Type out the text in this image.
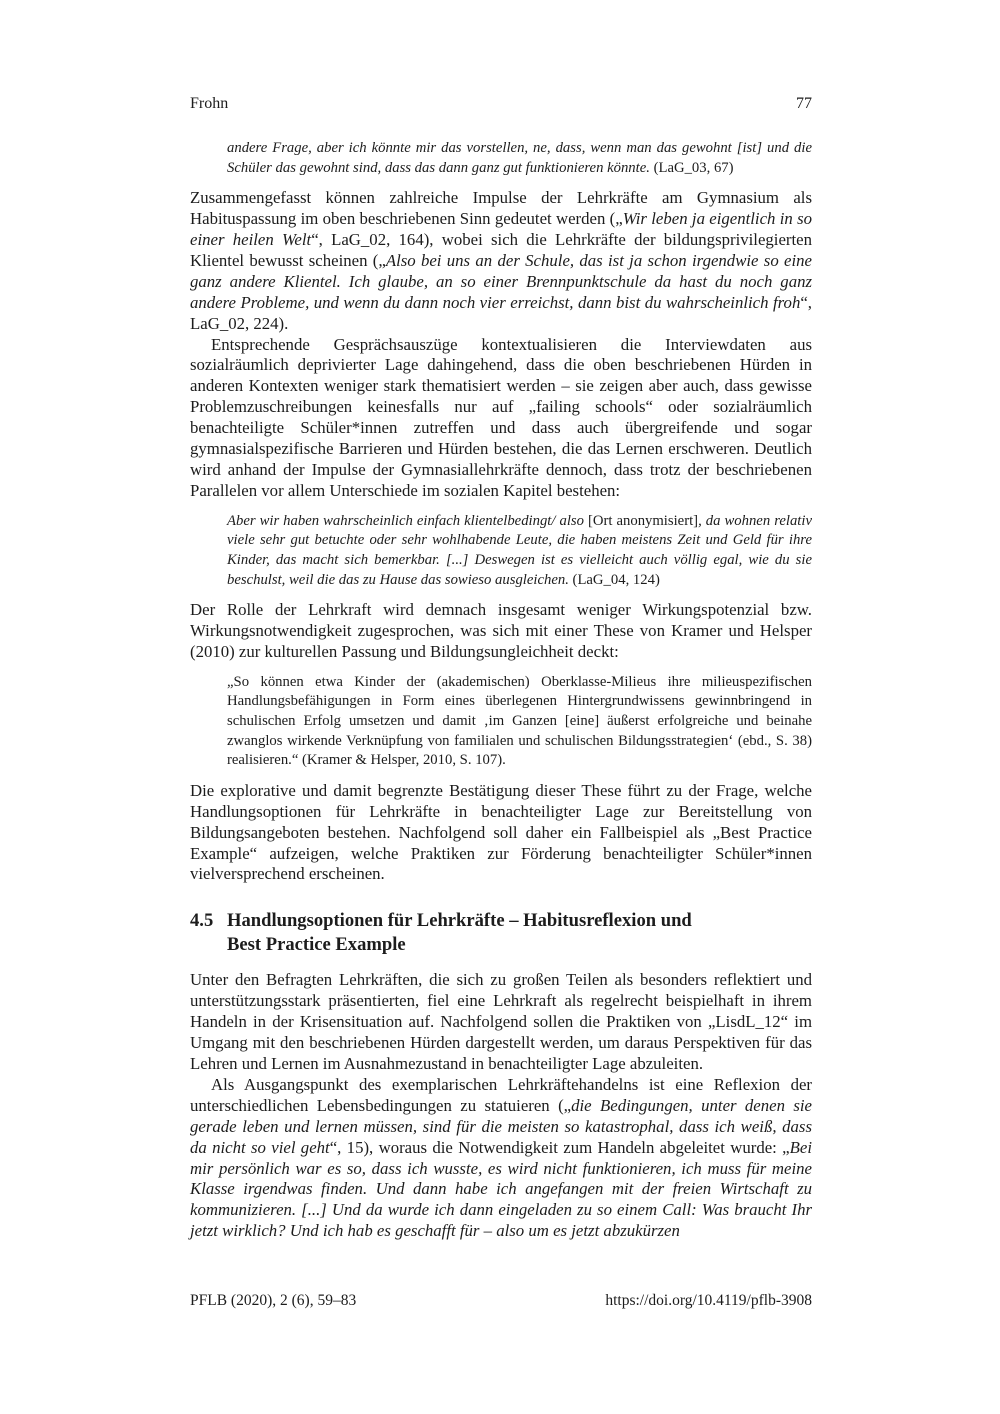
Frohn	77
andere Frage, aber ich könnte mir das vorstellen, ne, dass, wenn man das gewohnt [ist] und die Schüler das gewohnt sind, dass das dann ganz gut funktionieren könnte. (LaG_03, 67)
Zusammengefasst können zahlreiche Impulse der Lehrkräfte am Gymnasium als Habituspassung im oben beschriebenen Sinn gedeutet werden („Wir leben ja eigentlich in so einer heilen Welt“, LaG_02, 164), wobei sich die Lehrkräfte der bildungsprivilegierten Klientel bewusst scheinen („Also bei uns an der Schule, das ist ja schon irgendwie so eine ganz andere Klientel. Ich glaube, an so einer Brennpunktschule da hast du noch ganz andere Probleme, und wenn du dann noch vier erreichst, dann bist du wahrscheinlich froh“, LaG_02, 224).
Entsprechende Gesprächsauszüge kontextualisieren die Interviewdaten aus sozialräumlich deprivierter Lage dahingehend, dass die oben beschriebenen Hürden in anderen Kontexten weniger stark thematisiert werden – sie zeigen aber auch, dass gewisse Problemzuschreibungen keinesfalls nur auf „failing schools“ oder sozialräumlich benachteiligte Schüler*innen zutreffen und dass auch übergreifende und sogar gymnasialspezifische Barrieren und Hürden bestehen, die das Lernen erschweren. Deutlich wird anhand der Impulse der Gymnasiallehrkräfte dennoch, dass trotz der beschriebenen Parallelen vor allem Unterschiede im sozialen Kapitel bestehen:
Aber wir haben wahrscheinlich einfach klientelbedingt/ also [Ort anonymisiert], da wohnen relativ viele sehr gut betuchte oder sehr wohlhabende Leute, die haben meistens Zeit und Geld für ihre Kinder, das macht sich bemerkbar. [...] Deswegen ist es vielleicht auch völlig egal, wie du sie beschulst, weil die das zu Hause das sowieso ausgleichen. (LaG_04, 124)
Der Rolle der Lehrkraft wird demnach insgesamt weniger Wirkungspotenzial bzw. Wirkungsnotwendigkeit zugesprochen, was sich mit einer These von Kramer und Helsper (2010) zur kulturellen Passung und Bildungsungleichheit deckt:
„So können etwa Kinder der (akademischen) Oberklasse-Milieus ihre milieuspezifischen Handlungsbefähigungen in Form eines überlegenen Hintergrundwissens gewinnbringend in schulischen Erfolg umsetzen und damit ‚im Ganzen [eine] äußerst erfolgreiche und beinahe zwanglos wirkende Verknüpfung von familialen und schulischen Bildungsstrategien‘ (ebd., S. 38) realisieren.“ (Kramer & Helsper, 2010, S. 107).
Die explorative und damit begrenzte Bestätigung dieser These führt zu der Frage, welche Handlungsoptionen für Lehrkräfte in benachteiligter Lage zur Bereitstellung von Bildungsangeboten bestehen. Nachfolgend soll daher ein Fallbeispiel als „Best Practice Example“ aufzeigen, welche Praktiken zur Förderung benachteiligter Schüler*innen vielversprechend erscheinen.
4.5 Handlungsoptionen für Lehrkräfte – Habitusreflexion und
Best Practice Example
Unter den Befragten Lehrkräften, die sich zu großen Teilen als besonders reflektiert und unterstützungsstark präsentierten, fiel eine Lehrkraft als regelrecht beispielhaft in ihrem Handeln in der Krisensituation auf. Nachfolgend sollen die Praktiken von „LisdL_12“ im Umgang mit den beschriebenen Hürden dargestellt werden, um daraus Perspektiven für das Lehren und Lernen im Ausnahmezustand in benachteiligter Lage abzuleiten.
Als Ausgangspunkt des exemplarischen Lehrkräftehandelns ist eine Reflexion der unterschiedlichen Lebensbedingungen zu statuieren („die Bedingungen, unter denen sie gerade leben und lernen müssen, sind für die meisten so katastrophal, dass ich weiß, dass da nicht so viel geht“, 15), woraus die Notwendigkeit zum Handeln abgeleitet wurde: „Bei mir persönlich war es so, dass ich wusste, es wird nicht funktionieren, ich muss für meine Klasse irgendwas finden. Und dann habe ich angefangen mit der freien Wirtschaft zu kommunizieren. [...] Und da wurde ich dann eingeladen zu so einem Call: Was braucht Ihr jetzt wirklich? Und ich hab es geschafft für – also um es jetzt abzukürzen
PFLB (2020), 2 (6), 59–83	https://doi.org/10.4119/pflb-3908
